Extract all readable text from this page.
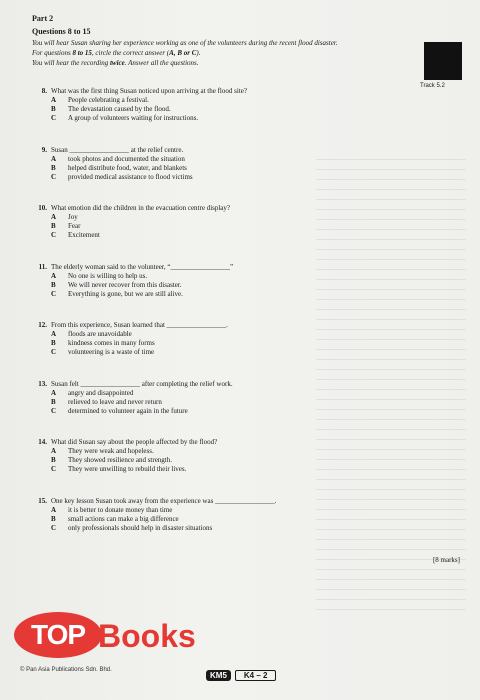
Part 2
Questions 8 to 15
You will hear Susan sharing her experience working as one of the volunteers during the recent flood disaster.
For questions 8 to 15, circle the correct answer (A, B or C).
You will hear the recording twice. Answer all the questions.
Track 5.2
8. What was the first thing Susan noticed upon arriving at the flood site?
A	People celebrating a festival.
B	The devastation caused by the flood.
C	A group of volunteers waiting for instructions.
9. Susan _________________ at the relief centre.
A	took photos and documented the situation
B	helped distribute food, water, and blankets
C	provided medical assistance to flood victims
10. What emotion did the children in the evacuation centre display?
A	Joy
B	Fear
C	Excitement
11. The elderly woman said to the volunteer, “_________________”
A	No one is willing to help us.
B	We will never recover from this disaster.
C	Everything is gone, but we are still alive.
12. From this experience, Susan learned that _________________.
A	floods are unavoidable
B	kindness comes in many forms
C	volunteering is a waste of time
13. Susan felt _________________ after completing the relief work.
A	angry and disappointed
B	relieved to leave and never return
C	determined to volunteer again in the future
14. What did Susan say about the people affected by the flood?
A	They were weak and hopeless.
B	They showed resilience and strength.
C	They were unwilling to rebuild their lives.
15. One key lesson Susan took away from the experience was _________________.
A	it is better to donate money than time
B	small actions can make a big difference
C	only professionals should help in disaster situations
[8 marks]
TOP Books
© Pan Asia Publications Sdn. Bhd.
KM5	K4 – 2
